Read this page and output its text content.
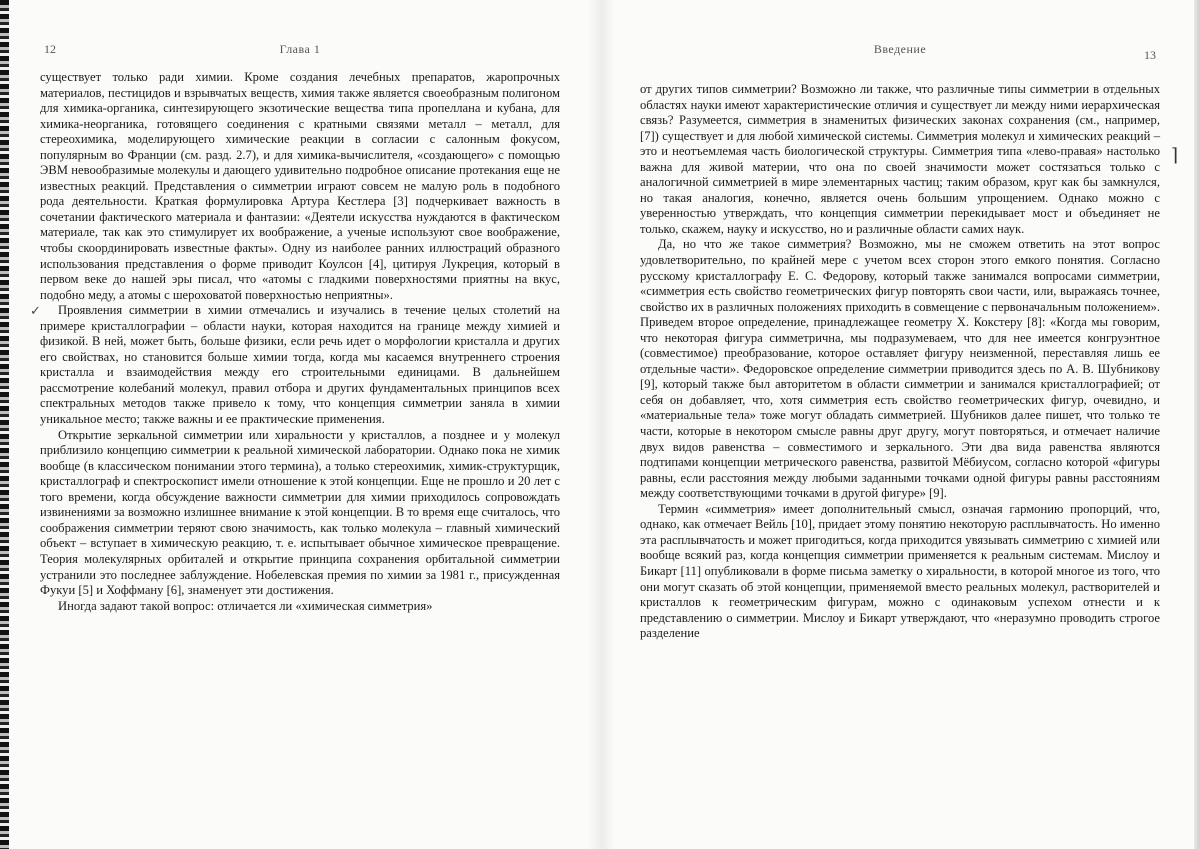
12	Глава 1

существует только ради химии. Кроме создания лечебных препаратов, жаропрочных материалов, пестицидов и взрывчатых веществ, химия также является своеобразным полигоном для химика-органика, синтезирующего экзотические вещества типа пропеллана и кубана, для химика-неорганика, готовящего соединения с кратными связями металл – металл, для стереохимика, моделирующего химические реакции в согласии с салонным фокусом, популярным во Франции (см. разд. 2.7), и для химика-вычислителя, «создающего» с помощью ЭВМ невообразимые молекулы и дающего удивительно подробное описание протекания еще не известных реакций. Представления о симметрии играют совсем не малую роль в подобного рода деятельности. Краткая формулировка Артура Кестлера [3] подчеркивает важность в сочетании фактического материала и фантазии: «Деятели искусства нуждаются в фактическом материале, так как это стимулирует их воображение, а ученые используют свое воображение, чтобы скоординировать известные факты». Одну из наиболее ранних иллюстраций образного использования представления о форме приводит Коулсон [4], цитируя Лукреция, который в первом веке до нашей эры писал, что «атомы с гладкими поверхностями приятны на вкус, подобно меду, а атомы с шероховатой поверхностью неприятны».

✓ Проявления симметрии в химии отмечались и изучались в течение целых столетий на примере кристаллографии – области науки, которая находится на границе между химией и физикой. В ней, может быть, больше физики, если речь идет о морфологии кристалла и других его свойствах, но становится больше химии тогда, когда мы касаемся внутреннего строения кристалла и взаимодействия между его строительными единицами. В дальнейшем рассмотрение колебаний молекул, правил отбора и других фундаментальных принципов всех спектральных методов также привело к тому, что концепция симметрии заняла в химии уникальное место; также важны и ее практические применения.

Открытие зеркальной симметрии или хиральности у кристаллов, а позднее и у молекул приблизило концепцию симметрии к реальной химической лаборатории. Однако пока не химик вообще (в классическом понимании этого термина), а только стереохимик, химик-структурщик, кристаллограф и спектроскопист имели отношение к этой концепции. Еще не прошло и 20 лет с того времени, когда обсуждение важности симметрии для химии приходилось сопровождать извинениями за возможно излишнее внимание к этой концепции. В то время еще считалось, что соображения симметрии теряют свою значимость, как только молекула – главный химический объект – вступает в химическую реакцию, т. е. испытывает обычное химическое превращение. Теория молекулярных орбиталей и открытие принципа сохранения орбитальной симметрии устранили это последнее заблуждение. Нобелевская премия по химии за 1981 г., присужденная Фукуи [5] и Хоффману [6], знаменует эти достижения.

Иногда задают такой вопрос: отличается ли «химическая симметрия»

Введение	13

⌉
от других типов симметрии? Возможно ли также, что различные типы симметрии в отдельных областях науки имеют характеристические отличия и существует ли между ними иерархическая связь? Разумеется, симметрия в знаменитых физических законах сохранения (см., например, [7]) существует и для любой химической системы. Симметрия молекул и химических реакций – это и неотъемлемая часть биологической структуры. Симметрия типа «лево-правая» настолько важна для живой материи, что она по своей значимости может состязаться только с аналогичной симметрией в мире элементарных частиц; таким образом, круг как бы замкнулся, но такая аналогия, конечно, является очень большим упрощением. Однако можно с уверенностью утверждать, что концепция симметрии перекидывает мост и объединяет не только, скажем, науку и искусство, но и различные области самих наук.

Да, но что же такое симметрия? Возможно, мы не сможем ответить на этот вопрос удовлетворительно, по крайней мере с учетом всех сторон этого емкого понятия. Согласно русскому кристаллографу Е. С. Федорову, который также занимался вопросами симметрии, «симметрия есть свойство геометрических фигур повторять свои части, или, выражаясь точнее, свойство их в различных положениях приходить в совмещение с первоначальным положением». Приведем второе определение, принадлежащее геометру Х. Кокстеру [8]: «Когда мы говорим, что некоторая фигура симметрична, мы подразумеваем, что для нее имеется конгруэнтное (совместимое) преобразование, которое оставляет фигуру неизменной, переставляя лишь ее отдельные части». Федоровское определение симметрии приводится здесь по А. В. Шубникову [9], который также был авторитетом в области симметрии и занимался кристаллографией; от себя он добавляет, что, хотя симметрия есть свойство геометрических фигур, очевидно, и «материальные тела» тоже могут обладать симметрией. Шубников далее пишет, что только те части, которые в некотором смысле равны друг другу, могут повторяться, и отмечает наличие двух видов равенства – совместимого и зеркального. Эти два вида равенства являются подтипами концепции метрического равенства, развитой Мёбиусом, согласно которой «фигуры равны, если расстояния между любыми заданными точками одной фигуры равны расстояниям между соответствующими точками в другой фигуре» [9].

Термин «симметрия» имеет дополнительный смысл, означая гармонию пропорций, что, однако, как отмечает Вейль [10], придает этому понятию некоторую расплывчатость. Но именно эта расплывчатость и может пригодиться, когда приходится увязывать симметрию с химией или вообще всякий раз, когда концепция симметрии применяется к реальным системам. Мислоу и Бикарт [11] опубликовали в форме письма заметку о хиральности, в которой многое из того, что они могут сказать об этой концепции, применяемой вместо реальных молекул, растворителей и кристаллов к геометрическим фигурам, можно с одинаковым успехом отнести и к представлению о симметрии. Мислоу и Бикарт утверждают, что «неразумно проводить строгое разделение
